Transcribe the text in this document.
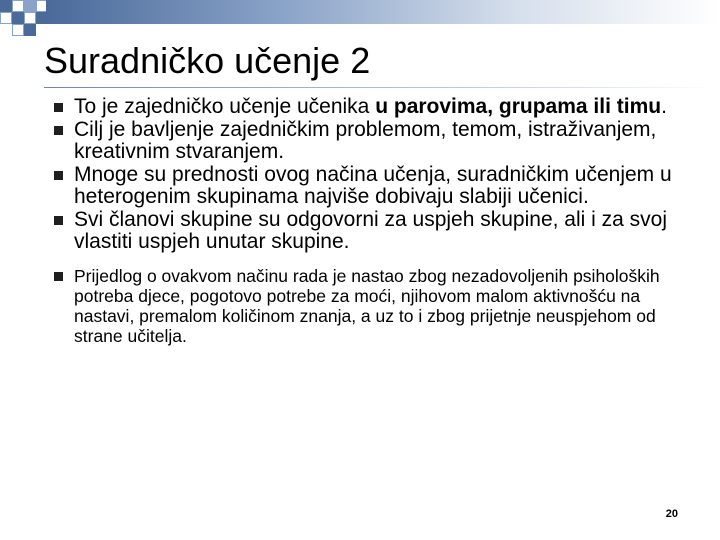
Suradničko učenje 2
To je zajedničko učenje učenika u parovima, grupama ili timu.
Cilj je bavljenje zajedničkim problemom, temom, istraživanjem, kreativnim stvaranjem.
Mnoge su prednosti ovog načina učenja, suradničkim učenjem u heterogenim skupinama najviše dobivaju slabiji učenici.
Svi članovi skupine su odgovorni za uspjeh skupine, ali i za svoj vlastiti uspjeh unutar skupine.
Prijedlog o ovakvom načinu rada je nastao zbog nezadovoljenih psiholoških potreba djece, pogotovo potrebe za moći, njihovom malom aktivnošću na nastavi, premalom količinom znanja, a uz to i zbog prijetnje neuspjehom od strane učitelja.
20
